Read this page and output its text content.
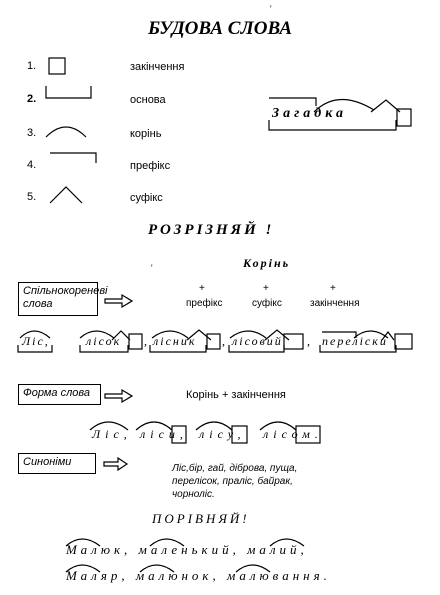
БУДОВА СЛОВА
'
1.	закінчення
2.	основа
3.	корінь
4.	префікс
5.	суфікс
Загадка
РОЗРІЗНЯЙ !
Корінь
'
Спільнокореневі слова
+	+	+
префікс	суфікс	закінчення
Ліс,	лісок , лісник , лісовий , переліски
Форма слова	Корінь + закінчення
Ліс, ліси, лісу, лісом.
Синоніми
Ліс,бір, гай, діброва, пуща,
перелісок, праліс, байрак,
чорноліс.
ПОРІВНЯЙ!
Малюк, маленький, малий,
Маляр, малюнок, малювання.
